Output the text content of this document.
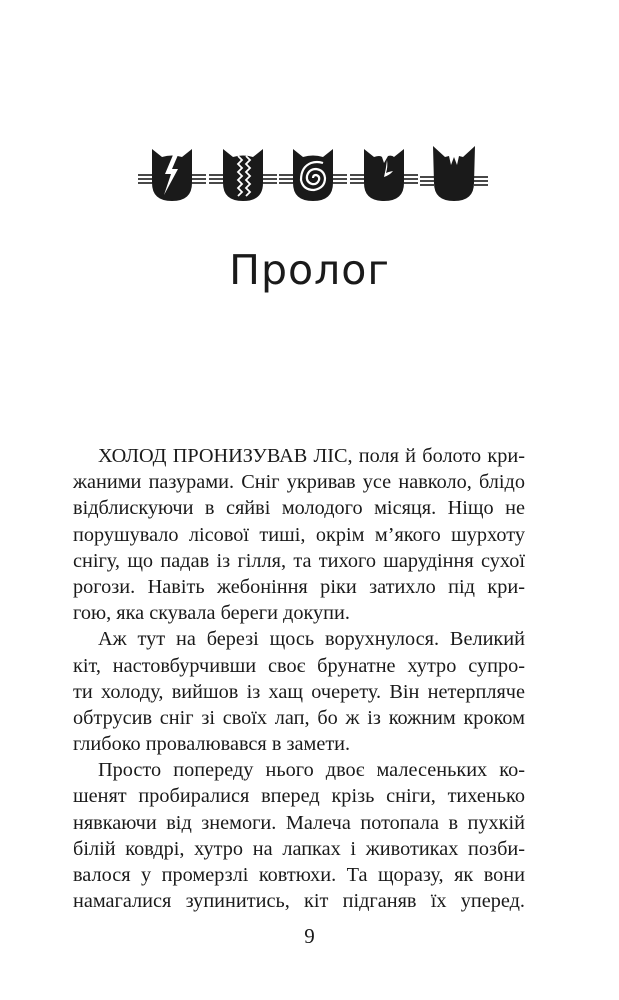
Пролог

ХОЛОД ПРОНИЗУВАВ ЛІС, поля й болото кри-
жаними пазурами. Сніг укривав усе навколо, блідо
відблискуючи в сяйві молодого місяця. Ніщо не
порушувало лісової тиші, окрім м’якого шурхоту
снігу, що падав із гілля, та тихого шарудіння сухої
рогози. Навіть жебоніння ріки затихло під кри-
гою, яка скувала береги докупи.

Аж тут на березі щось ворухнулося. Великий
кіт, настовбурчивши своє брунатне хутро супро-
ти холоду, вийшов із хащ очерету. Він нетерпляче
обтрусив сніг зі своїх лап, бо ж із кожним кроком
глибоко провалювався в замети.

Просто попереду нього двоє малесеньких ко-
шенят пробиралися вперед крізь сніги, тихенько
нявкаючи від знемоги. Малеча потопала в пухкій
білій ковдрі, хутро на лапках і животиках позби-
валося у промерзлі ковтюхи. Та щоразу, як вони
намагалися зупинитись, кіт підганяв їх уперед.

9
